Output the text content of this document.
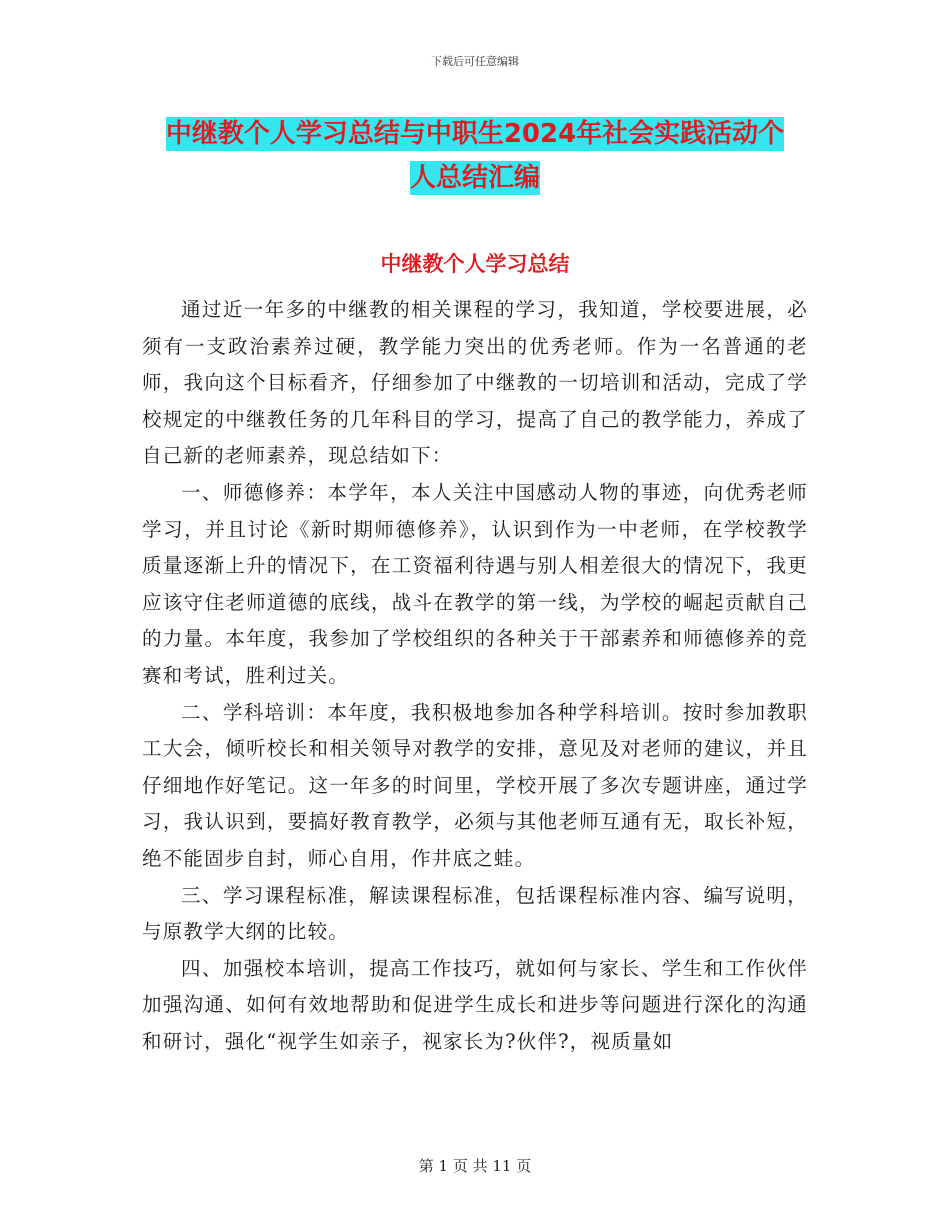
下载后可任意编辑
中继教个人学习总结与中职生2024年社会实践活动个
人总结汇编
中继教个人学习总结

通过近一年多的中继教的相关课程的学习，我知道，学校要进展，必须有一支政治素养过硬，教学能力突出的优秀老师。作为一名普通的老师，我向这个目标看齐，仔细参加了中继教的一切培训和活动，完成了学校规定的中继教任务的几年科目的学习，提高了自己的教学能力，养成了自己新的老师素养，现总结如下：

一、师德修养：本学年，本人关注中国感动人物的事迹，向优秀老师学习，并且讨论《新时期师德修养》，认识到作为一中老师，在学校教学质量逐渐上升的情况下，在工资福利待遇与别人相差很大的情况下，我更应该守住老师道德的底线，战斗在教学的第一线，为学校的崛起贡献自己的力量。本年度，我参加了学校组织的各种关于干部素养和师德修养的竞赛和考试，胜利过关。

二、学科培训：本年度，我积极地参加各种学科培训。按时参加教职工大会，倾听校长和相关领导对教学的安排，意见及对老师的建议，并且仔细地作好笔记。这一年多的时间里，学校开展了多次专题讲座，通过学习，我认识到，要搞好教育教学，必须与其他老师互通有无，取长补短，绝不能固步自封，师心自用，作井底之蛙。

三、学习课程标准，解读课程标准，包括课程标准内容、编写说明，与原教学大纲的比较。

四、加强校本培训，提高工作技巧，就如何与家长、学生和工作伙伴加强沟通、如何有效地帮助和促进学生成长和进步等问题进行深化的沟通和研讨，强化“视学生如亲子，视家长为?伙伴?，视质量如

第 1 页 共 11 页
